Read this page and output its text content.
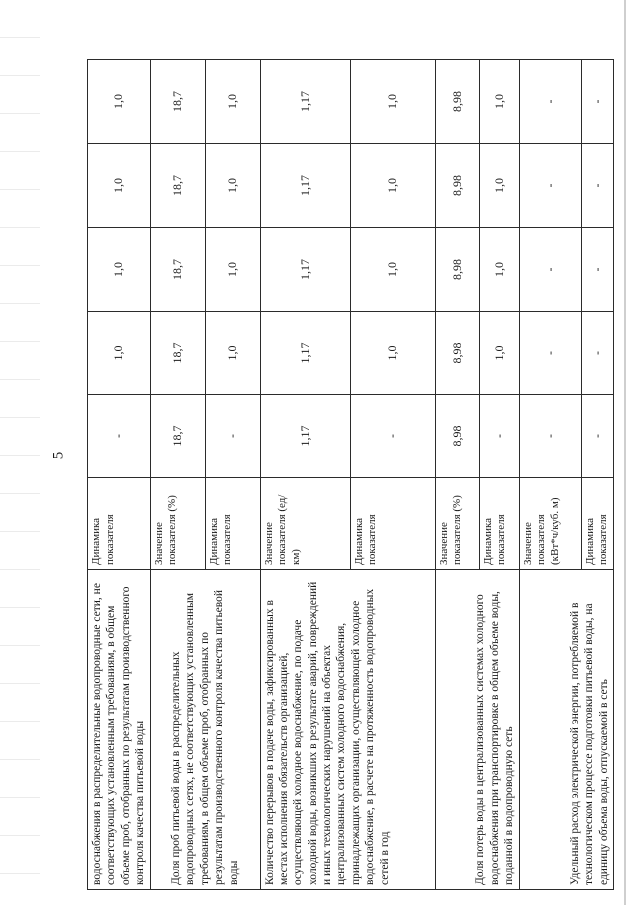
5
водоснабжения в распределительные водопроводные сети, не соответствующих установленным требованиям, в общем объеме проб, отобранных по результатам производственного контроля качества питьевой воды	Динамика показателя	-	1,0	1,0	1,0	1,0
Доля проб питьевой воды в распределительных водопроводных сетях, не соответствующих установленным требованиям, в общем объеме проб, отобранных по результатам производственного контроля качества питьевой воды	Значение показателя (%)	18,7	18,7	18,7	18,7	18,7
	Динамика показателя	-	1,0	1,0	1,0	1,0
Количество перерывов в подаче воды, зафиксированных в местах исполнения обязательств организацией, осуществляющей холодное водоснабжение, по подаче холодной воды, возникших в результате аварий, повреждений и иных технологических нарушений на объектах централизованных систем холодного водоснабжения, принадлежащих организации, осуществляющей холодное водоснабжение, в расчете на протяженность водопроводных сетей в год	Значение показателя (ед/км)	1,17	1,17	1,17	1,17	1,17
	Динамика показателя	-	1,0	1,0	1,0	1,0
Доля потерь воды в централизованных системах холодного водоснабжения при транспортировке в общем объеме воды, поданной в водопроводную сеть	Значение показателя (%)	8,98	8,98	8,98	8,98	8,98
	Динамика показателя	-	1,0	1,0	1,0	1,0
Удельный расход электрической энергии, потребляемой в технологическом процессе подготовки питьевой воды, на единицу объема воды, отпускаемой в сеть	Значение показателя (кВт*ч/куб. м)	-	-	-	-	-
	Динамика показателя	-	-	-	-	-
